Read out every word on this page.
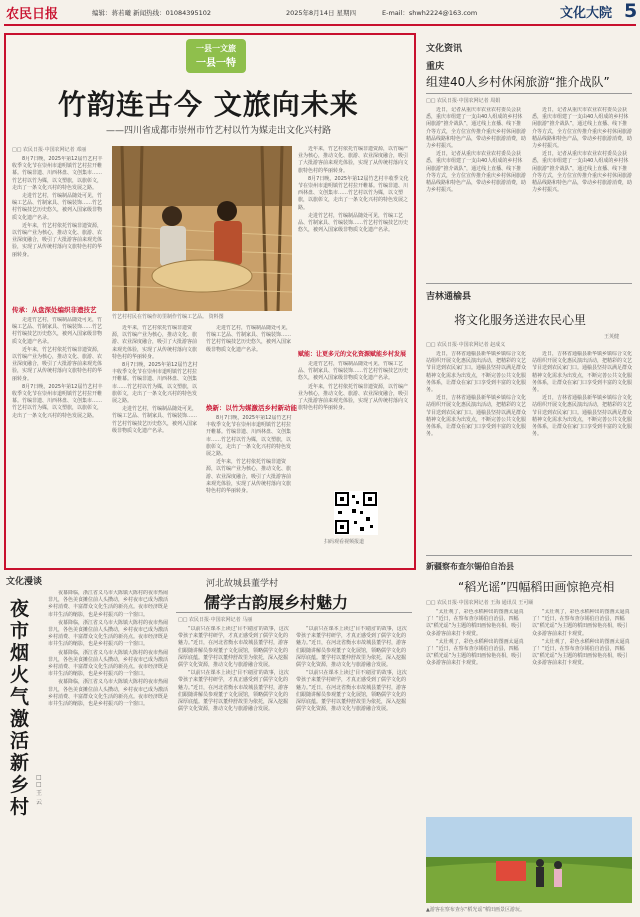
农民日报	编辑：蒋若曦 新闻热线：01084395102	2025年8月14日 星期四	E-mail：shwh2224@163.com	文化大院 5
一县一文旅
一县一特
竹韵连古今 文旅向未来
——四川省成都市崇州市竹艺村以竹为媒走出文化兴村路
□□ 农民日报·中国农网记者 邓丽

8月7日晚，2025年第12届竹艺村丰收季文化节在崇州市道明镇竹艺村拉开帷幕。竹编非遗、川西林盘、文创集市……竹艺村以竹为媒，以文塑旅，以旅彰文，走出了一条文化兴村的特色发展之路。

走进竹艺村，竹编制品随处可见，竹编工艺品、竹制家具、竹编装饰……竹艺村竹编技艺历史悠久，被列入国家级非物质文化遗产名录。

近年来，竹艺村依托竹编非遗资源，以竹编产业为核心，推动文化、旅游、农业深度融合，吸引了大批游客前来观光体验，实现了从传统村落向文旅特色村的华丽转身。

传承：从盘深处编织非遗技艺

走进竹艺村，竹编制品随处可见，竹编工艺品、竹制家具、竹编装饰……竹艺村竹编技艺历史悠久，被列入国家级非物质文化遗产名录。

近年来，竹艺村依托竹编非遗资源，以竹编产业为核心，推动文化、旅游、农业深度融合，吸引了大批游客前来观光体验，实现了从传统村落向文旅特色村的华丽转身。

8月7日晚，2025年第12届竹艺村丰收季文化节在崇州市道明镇竹艺村拉开帷幕。竹编非遗、川西林盘、文创集市……竹艺村以竹为媒，以文塑旅，以旅彰文，走出了一条文化兴村的特色发展之路。

竹艺村村民在竹编作坊里制作竹编工艺品。 资料图

近年来，竹艺村依托竹编非遗资源，以竹编产业为核心，推动文化、旅游、农业深度融合，吸引了大批游客前来观光体验，实现了从传统村落向文旅特色村的华丽转身。

8月7日晚，2025年第12届竹艺村丰收季文化节在崇州市道明镇竹艺村拉开帷幕。竹编非遗、川西林盘、文创集市……竹艺村以竹为媒，以文塑旅，以旅彰文，走出了一条文化兴村的特色发展之路。

走进竹艺村，竹编制品随处可见，竹编工艺品、竹制家具、竹编装饰……竹艺村竹编技艺历史悠久，被列入国家级非物质文化遗产名录。

焕新：以竹为媒激活乡村新动能

走进竹艺村，竹编制品随处可见，竹编工艺品、竹制家具、竹编装饰……竹艺村竹编技艺历史悠久，被列入国家级非物质文化遗产名录。

8月7日晚，2025年第12届竹艺村丰收季文化节在崇州市道明镇竹艺村拉开帷幕。竹编非遗、川西林盘、文创集市……竹艺村以竹为媒，以文塑旅，以旅彰文，走出了一条文化兴村的特色发展之路。

近年来，竹艺村依托竹编非遗资源，以竹编产业为核心，推动文化、旅游、农业深度融合，吸引了大批游客前来观光体验，实现了从传统村落向文旅特色村的华丽转身。

近年来，竹艺村依托竹编非遗资源，以竹编产业为核心，推动文化、旅游、农业深度融合，吸引了大批游客前来观光体验，实现了从传统村落向文旅特色村的华丽转身。

8月7日晚，2025年第12届竹艺村丰收季文化节在崇州市道明镇竹艺村拉开帷幕。竹编非遗、川西林盘、文创集市……竹艺村以竹为媒，以文塑旅，以旅彰文，走出了一条文化兴村的特色发展之路。

走进竹艺村，竹编制品随处可见，竹编工艺品、竹制家具、竹编装饰……竹艺村竹编技艺历史悠久，被列入国家级非物质文化遗产名录。

赋能：让更多元的文化资源赋能乡村发展

走进竹艺村，竹编制品随处可见，竹编工艺品、竹制家具、竹编装饰……竹艺村竹编技艺历史悠久，被列入国家级非物质文化遗产名录。

近年来，竹艺村依托竹编非遗资源，以竹编产业为核心，推动文化、旅游、农业深度融合，吸引了大批游客前来观光体验，实现了从传统村落向文旅特色村的华丽转身。

扫码观看视频报道
文化资讯
重庆
组建40人乡村休闲旅游“推介战队”
□□ 农民日报·中国农网记者 周娟

近日，记者从重庆市农业农村委员会获悉，重庆市组建了一支由40人组成的乡村休闲旅游“推介战队”，通过线上直播、线下推介等方式，全方位宣传推介重庆乡村休闲旅游精品线路和特色产品，带动乡村旅游消费，助力乡村振兴。

近日，记者从重庆市农业农村委员会获悉，重庆市组建了一支由40人组成的乡村休闲旅游“推介战队”，通过线上直播、线下推介等方式，全方位宣传推介重庆乡村休闲旅游精品线路和特色产品，带动乡村旅游消费，助力乡村振兴。

近日，记者从重庆市农业农村委员会获悉，重庆市组建了一支由40人组成的乡村休闲旅游“推介战队”，通过线上直播、线下推介等方式，全方位宣传推介重庆乡村休闲旅游精品线路和特色产品，带动乡村旅游消费，助力乡村振兴。

近日，记者从重庆市农业农村委员会获悉，重庆市组建了一支由40人组成的乡村休闲旅游“推介战队”，通过线上直播、线下推介等方式，全方位宣传推介重庆乡村休闲旅游精品线路和特色产品，带动乡村旅游消费，助力乡村振兴。

吉林通榆县
将文化服务送进农民心里
王英健
□□ 农民日报·中国农网记者 赵成义

近日，吉林省通榆县新华镇乡镇综合文化站组织开展文化惠民演出活动，把精彩的文艺节目送到农民家门口。通榆县坚持以满足群众精神文化需求为出发点，不断完善公共文化服务体系，让群众在家门口享受到丰富的文化服务。

近日，吉林省通榆县新华镇乡镇综合文化站组织开展文化惠民演出活动，把精彩的文艺节目送到农民家门口。通榆县坚持以满足群众精神文化需求为出发点，不断完善公共文化服务体系，让群众在家门口享受到丰富的文化服务。

近日，吉林省通榆县新华镇乡镇综合文化站组织开展文化惠民演出活动，把精彩的文艺节目送到农民家门口。通榆县坚持以满足群众精神文化需求为出发点，不断完善公共文化服务体系，让群众在家门口享受到丰富的文化服务。

近日，吉林省通榆县新华镇乡镇综合文化站组织开展文化惠民演出活动，把精彩的文艺节目送到农民家门口。通榆县坚持以满足群众精神文化需求为出发点，不断完善公共文化服务体系，让群众在家门口享受到丰富的文化服务。

新疆察布查尔锡伯自治县
“稻光谣”四幅稻田画惊艳亮相
□□ 农民日报·中国农网记者 王海 通讯员 王可颐

“太壮观了，彩色水稻种出的图画太逼真了！”近日，在察布查尔锡伯自治县，四幅以“稻光谣”为主题的稻田画惊艳亮相，吸引众多游客前来打卡观赏。

“太壮观了，彩色水稻种出的图画太逼真了！”近日，在察布查尔锡伯自治县，四幅以“稻光谣”为主题的稻田画惊艳亮相，吸引众多游客前来打卡观赏。

“太壮观了，彩色水稻种出的图画太逼真了！”近日，在察布查尔锡伯自治县，四幅以“稻光谣”为主题的稻田画惊艳亮相，吸引众多游客前来打卡观赏。

“太壮观了，彩色水稻种出的图画太逼真了！”近日，在察布查尔锡伯自治县，四幅以“稻光谣”为主题的稻田画惊艳亮相，吸引众多游客前来打卡观赏。

▲游客在察布查尔“稻光谣”稻田画景区游玩。
文化漫谈
夜市烟火气激活新乡村
□□ 王云

夜幕降临，浙江省义乌市大陈镇大陈村的夜市热闹非凡，各色美食摊位前人头攒动，乡村夜市已成为激活乡村消费、丰富群众文化生活的新亮点。夜市经济既是市井生活的缩影，也是乡村振兴的一个窗口。

夜幕降临，浙江省义乌市大陈镇大陈村的夜市热闹非凡，各色美食摊位前人头攒动，乡村夜市已成为激活乡村消费、丰富群众文化生活的新亮点。夜市经济既是市井生活的缩影，也是乡村振兴的一个窗口。

夜幕降临，浙江省义乌市大陈镇大陈村的夜市热闹非凡，各色美食摊位前人头攒动，乡村夜市已成为激活乡村消费、丰富群众文化生活的新亮点。夜市经济既是市井生活的缩影，也是乡村振兴的一个窗口。

夜幕降临，浙江省义乌市大陈镇大陈村的夜市热闹非凡，各色美食摊位前人头攒动，乡村夜市已成为激活乡村消费、丰富群众文化生活的新亮点。夜市经济既是市井生活的缩影，也是乡村振兴的一个窗口。

河北故城县董学村
儒学古韵展乡村魅力
□□ 农民日报·中国农网记者 马丽

“以前只在课本上读过‘目不窥园’的故事，这次带孩子来董学村研学，才真正感受到了儒学文化的魅力。”近日，在河北省衡水市故城县董学村，游客们跟随讲解员参观董子文化展馆，领略儒学文化的深厚底蕴。董学村以董仲舒故里为依托，深入挖掘儒学文化资源，推动文化与旅游融合发展。

“以前只在课本上读过‘目不窥园’的故事，这次带孩子来董学村研学，才真正感受到了儒学文化的魅力。”近日，在河北省衡水市故城县董学村，游客们跟随讲解员参观董子文化展馆，领略儒学文化的深厚底蕴。董学村以董仲舒故里为依托，深入挖掘儒学文化资源，推动文化与旅游融合发展。

“以前只在课本上读过‘目不窥园’的故事，这次带孩子来董学村研学，才真正感受到了儒学文化的魅力。”近日，在河北省衡水市故城县董学村，游客们跟随讲解员参观董子文化展馆，领略儒学文化的深厚底蕴。董学村以董仲舒故里为依托，深入挖掘儒学文化资源，推动文化与旅游融合发展。

“以前只在课本上读过‘目不窥园’的故事，这次带孩子来董学村研学，才真正感受到了儒学文化的魅力。”近日，在河北省衡水市故城县董学村，游客们跟随讲解员参观董子文化展馆，领略儒学文化的深厚底蕴。董学村以董仲舒故里为依托，深入挖掘儒学文化资源，推动文化与旅游融合发展。
